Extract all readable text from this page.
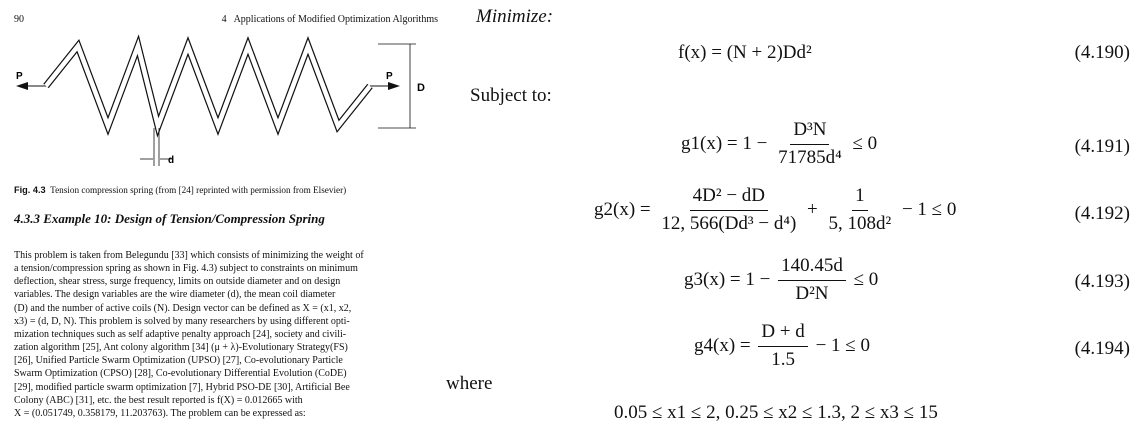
90	4   Applications of Modified Optimization Algorithms
P	P
D
d
Fig. 4.3 Tension compression spring (from [24] reprinted with permission from Elsevier)
4.3.3 Example 10: Design of Tension/Compression Spring
This problem is taken from Belegundu [33] which consists of minimizing the weight of
a tension/compression spring as shown in Fig. 4.3) subject to constraints on minimum
deflection, shear stress, surge frequency, limits on outside diameter and on design
variables. The design variables are the wire diameter (d), the mean coil diameter
(D) and the number of active coils (N). Design vector can be defined as X = (x1, x2,
x3) = (d, D, N). This problem is solved by many researchers by using different opti-
mization techniques such as self adaptive penalty approach [24], society and civili-
zation algorithm [25], Ant colony algorithm [34] (μ + λ)-Evolutionary Strategy(FS)
[26], Unified Particle Swarm Optimization (UPSO) [27], Co-evolutionary Particle
Swarm Optimization (CPSO) [28], Co-evolutionary Differential Evolution (CoDE)
[29], modified particle swarm optimization [7], Hybrid PSO-DE [30], Artificial Bee
Colony (ABC) [31], etc. the best result reported is f(X) = 0.012665 with
X = (0.051749, 0.358179, 11.203763). The problem can be expressed as:
Minimize:
f(x) = (N + 2)Dd²	(4.190)
Subject to:
$g1(x) = 1 - \frac{\text{D³N}}{\text{71785d⁴}} \le 0$	(4.191)
$g2(x) = \frac{\text{4D² − dD}}{\text{12, 566(Dd³ − d⁴)}} + \frac{1}{\text{5, 108d²}} - 1 \le 0$	(4.192)
$g3(x) = 1 - \frac{140.45d}{\text{D²N}} \le 0$	(4.193)
$g4(x) = \frac{D + d}{1.5} - 1 \le 0$	(4.194)
where
0.05 ≤ x1 ≤ 2, 0.25 ≤ x2 ≤ 1.3, 2 ≤ x3 ≤ 15
